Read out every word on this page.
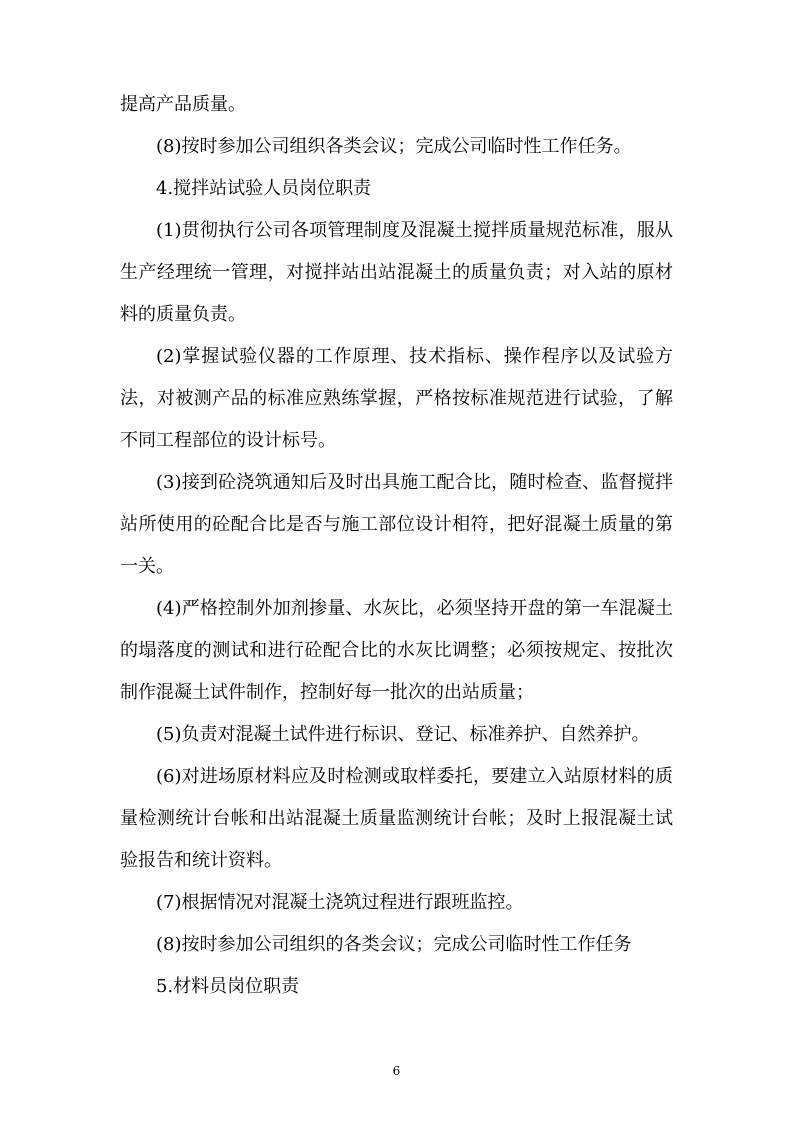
提高产品质量。

(8)按时参加公司组织各类会议；完成公司临时性工作任务。

4.搅拌站试验人员岗位职责

(1)贯彻执行公司各项管理制度及混凝土搅拌质量规范标准，服从生产经理统一管理，对搅拌站出站混凝土的质量负责；对入站的原材料的质量负责。

(2)掌握试验仪器的工作原理、技术指标、操作程序以及试验方法，对被测产品的标准应熟练掌握，严格按标准规范进行试验，了解不同工程部位的设计标号。

(3)接到砼浇筑通知后及时出具施工配合比，随时检查、监督搅拌站所使用的砼配合比是否与施工部位设计相符，把好混凝土质量的第一关。

(4)严格控制外加剂掺量、水灰比，必须坚持开盘的第一车混凝土的塌落度的测试和进行砼配合比的水灰比调整；必须按规定、按批次制作混凝土试件制作，控制好每一批次的出站质量；

(5)负责对混凝土试件进行标识、登记、标准养护、自然养护。

(6)对进场原材料应及时检测或取样委托，要建立入站原材料的质量检测统计台帐和出站混凝土质量监测统计台帐；及时上报混凝土试验报告和统计资料。

(7)根据情况对混凝土浇筑过程进行跟班监控。

(8)按时参加公司组织的各类会议；完成公司临时性工作任务

5.材料员岗位职责

6
